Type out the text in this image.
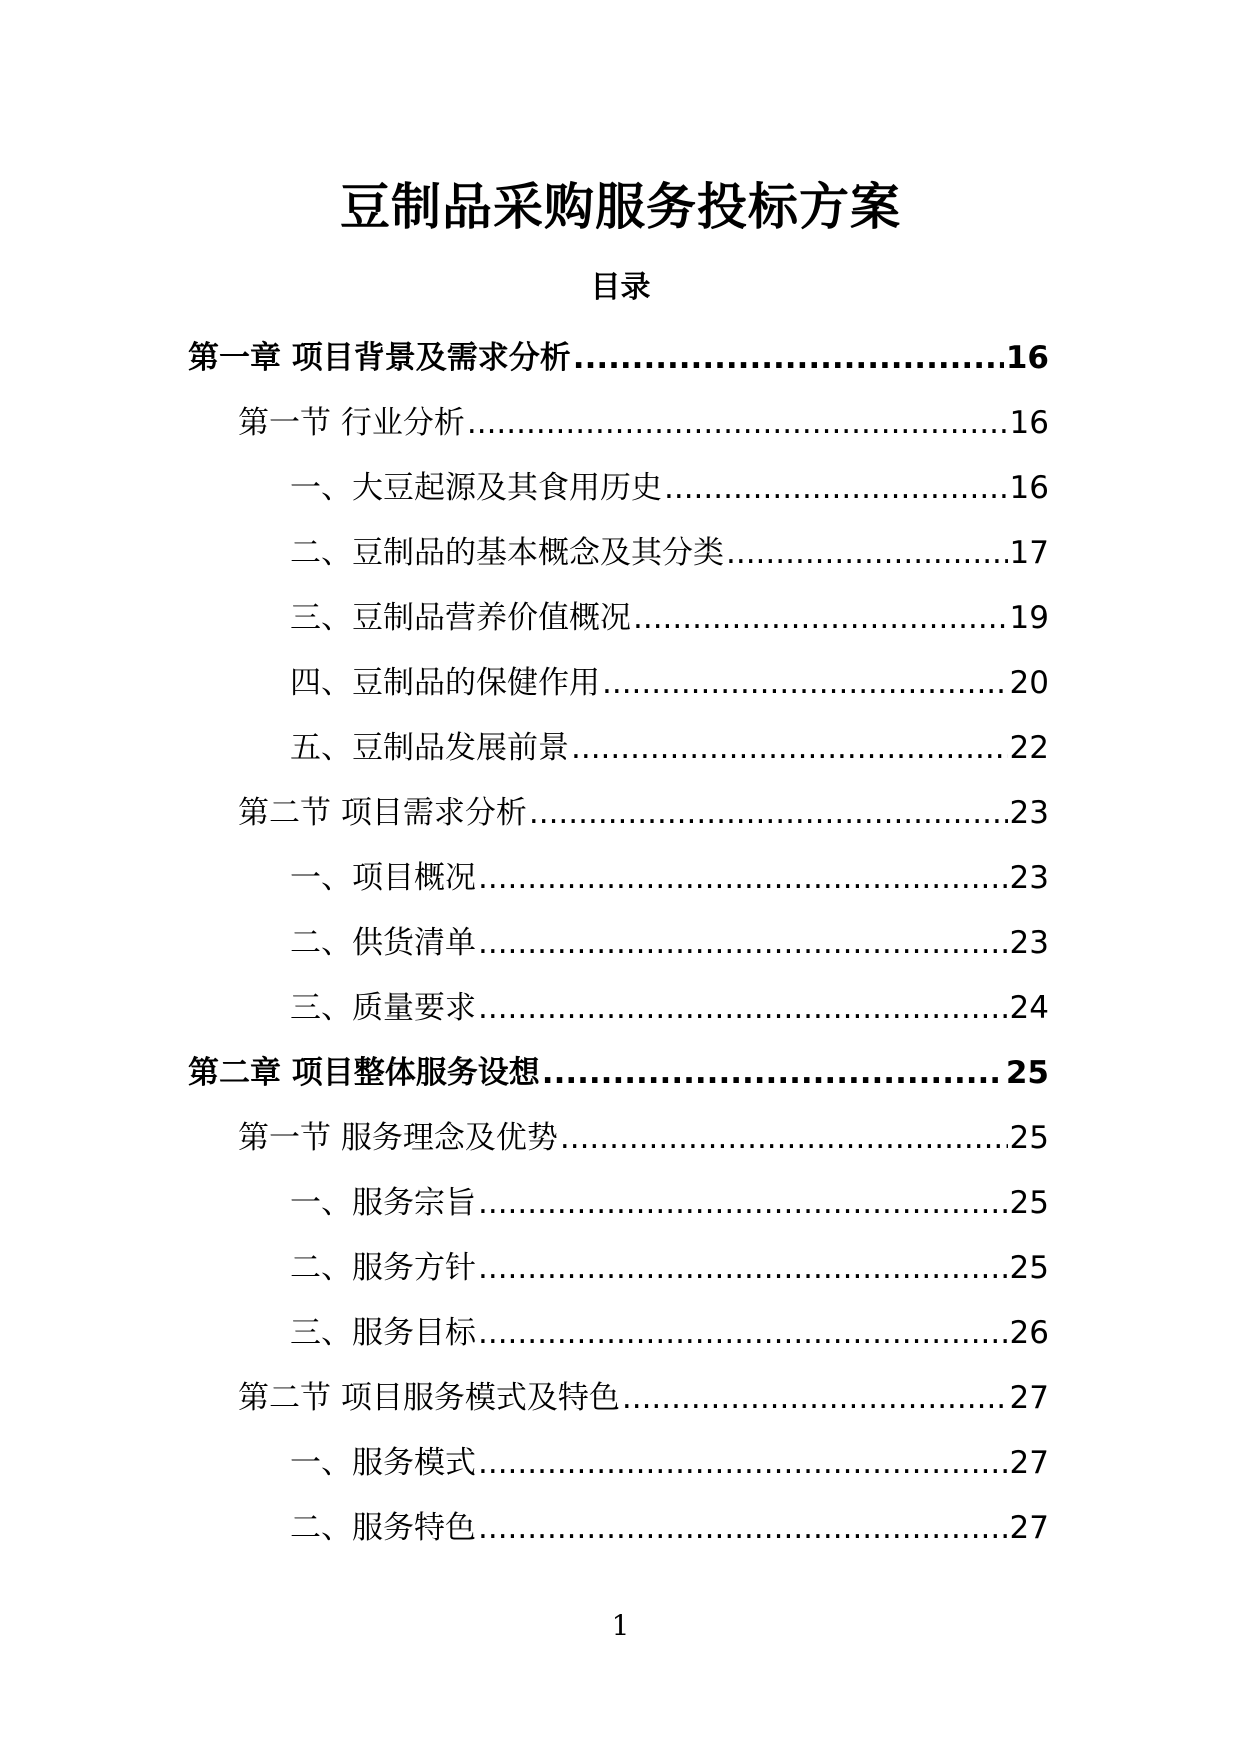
豆制品采购服务投标方案
目录
第一章 项目背景及需求分析 .....	16
第一节 行业分析 .....	16
一、大豆起源及其食用历史 .....	16
二、豆制品的基本概念及其分类 .....	17
三、豆制品营养价值概况 .....	19
四、豆制品的保健作用 .....	20
五、豆制品发展前景 .....	22
第二节 项目需求分析 .....	23
一、项目概况 .....	23
二、供货清单 .....	23
三、质量要求 .....	24
第二章 项目整体服务设想 .....	25
第一节 服务理念及优势 .....	25
一、服务宗旨 .....	25
二、服务方针 .....	25
三、服务目标 .....	26
第二节 项目服务模式及特色 .....	27
一、服务模式 .....	27
二、服务特色 .....	27
1
